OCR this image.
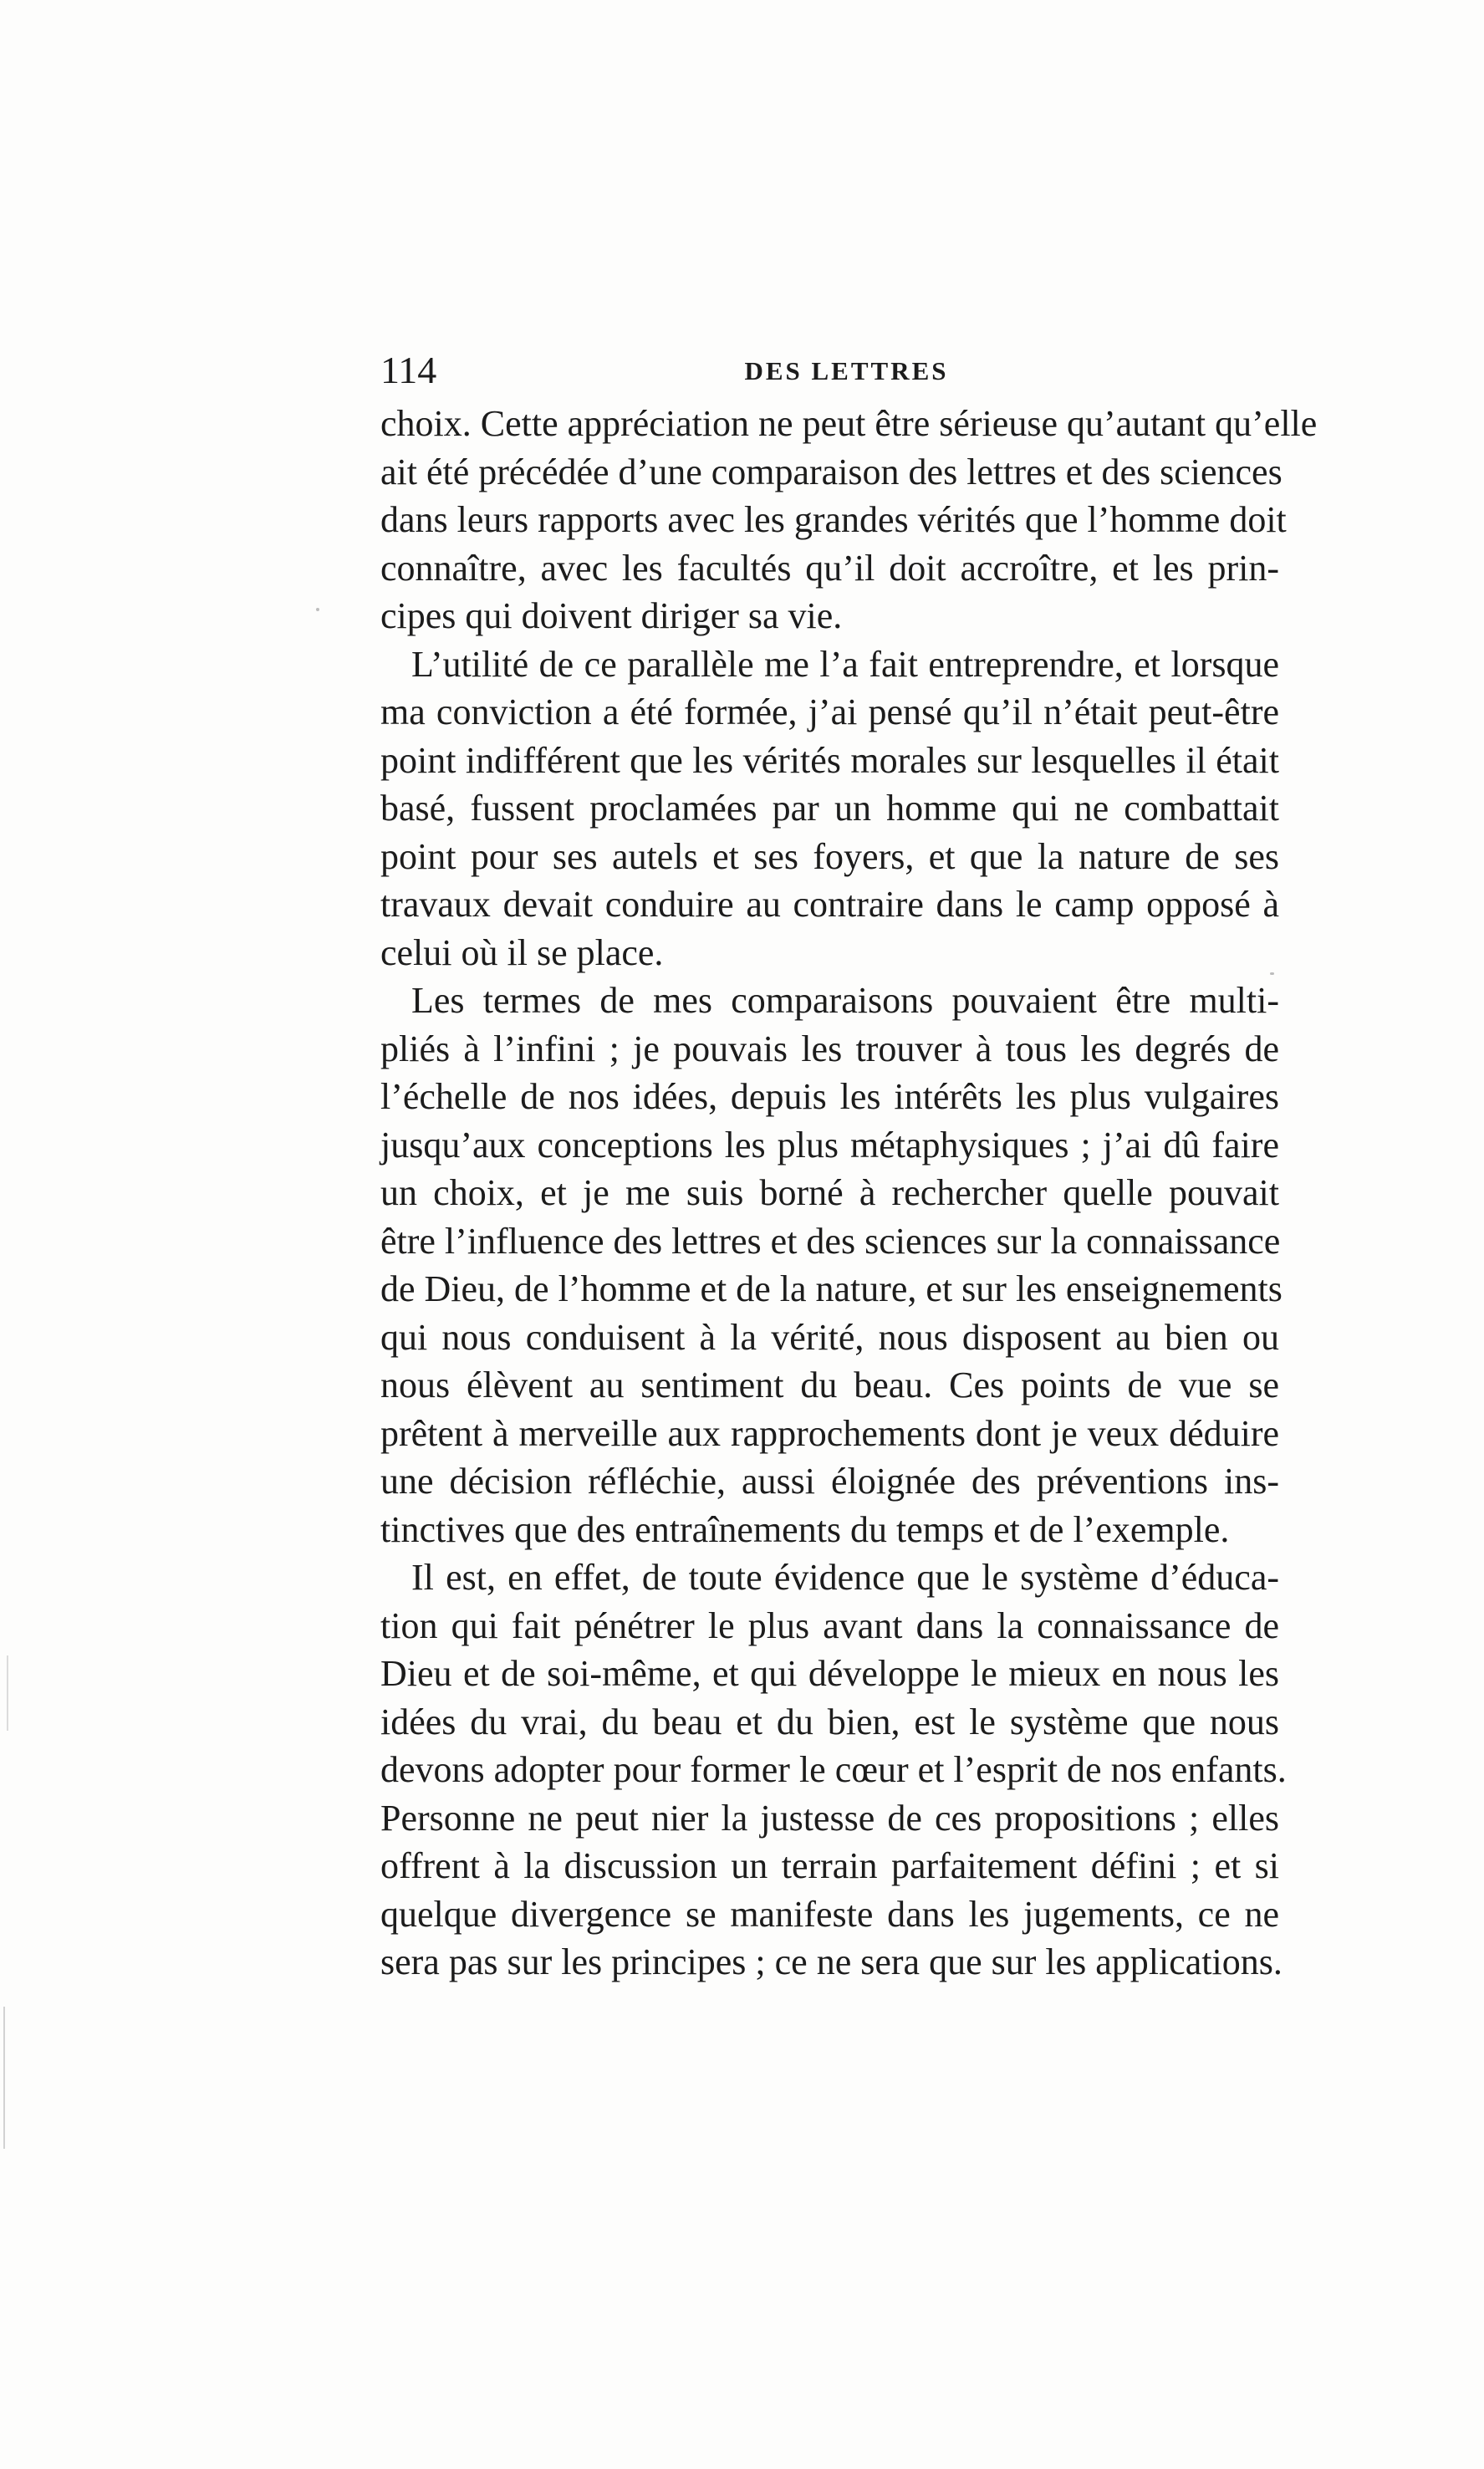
114	DES LETTRES

choix. Cette appréciation ne peut être sérieuse qu’autant qu’elle
ait été précédée d’une comparaison des lettres et des sciences
dans leurs rapports avec les grandes vérités que l’homme doit
connaître, avec les facultés qu’il doit accroître, et les prin-
cipes qui doivent diriger sa vie.

L’utilité de ce parallèle me l’a fait entreprendre, et lorsque
ma conviction a été formée, j’ai pensé qu’il n’était peut-être
point indifférent que les vérités morales sur lesquelles il était
basé, fussent proclamées par un homme qui ne combattait
point pour ses autels et ses foyers, et que la nature de ses
travaux devait conduire au contraire dans le camp opposé à
celui où il se place.

Les termes de mes comparaisons pouvaient être multi-
pliés à l’infini ; je pouvais les trouver à tous les degrés de
l’échelle de nos idées, depuis les intérêts les plus vulgaires
jusqu’aux conceptions les plus métaphysiques ; j’ai dû faire
un choix, et je me suis borné à rechercher quelle pouvait
être l’influence des lettres et des sciences sur la connaissance
de Dieu, de l’homme et de la nature, et sur les enseignements
qui nous conduisent à la vérité, nous disposent au bien ou
nous élèvent au sentiment du beau. Ces points de vue se
prêtent à merveille aux rapprochements dont je veux déduire
une décision réfléchie, aussi éloignée des préventions ins-
tinctives que des entraînements du temps et de l’exemple.

Il est, en effet, de toute évidence que le système d’éduca-
tion qui fait pénétrer le plus avant dans la connaissance de
Dieu et de soi-même, et qui développe le mieux en nous les
idées du vrai, du beau et du bien, est le système que nous
devons adopter pour former le cœur et l’esprit de nos enfants.
Personne ne peut nier la justesse de ces propositions ; elles
offrent à la discussion un terrain parfaitement défini ; et si
quelque divergence se manifeste dans les jugements, ce ne
sera pas sur les principes ; ce ne sera que sur les applications.
